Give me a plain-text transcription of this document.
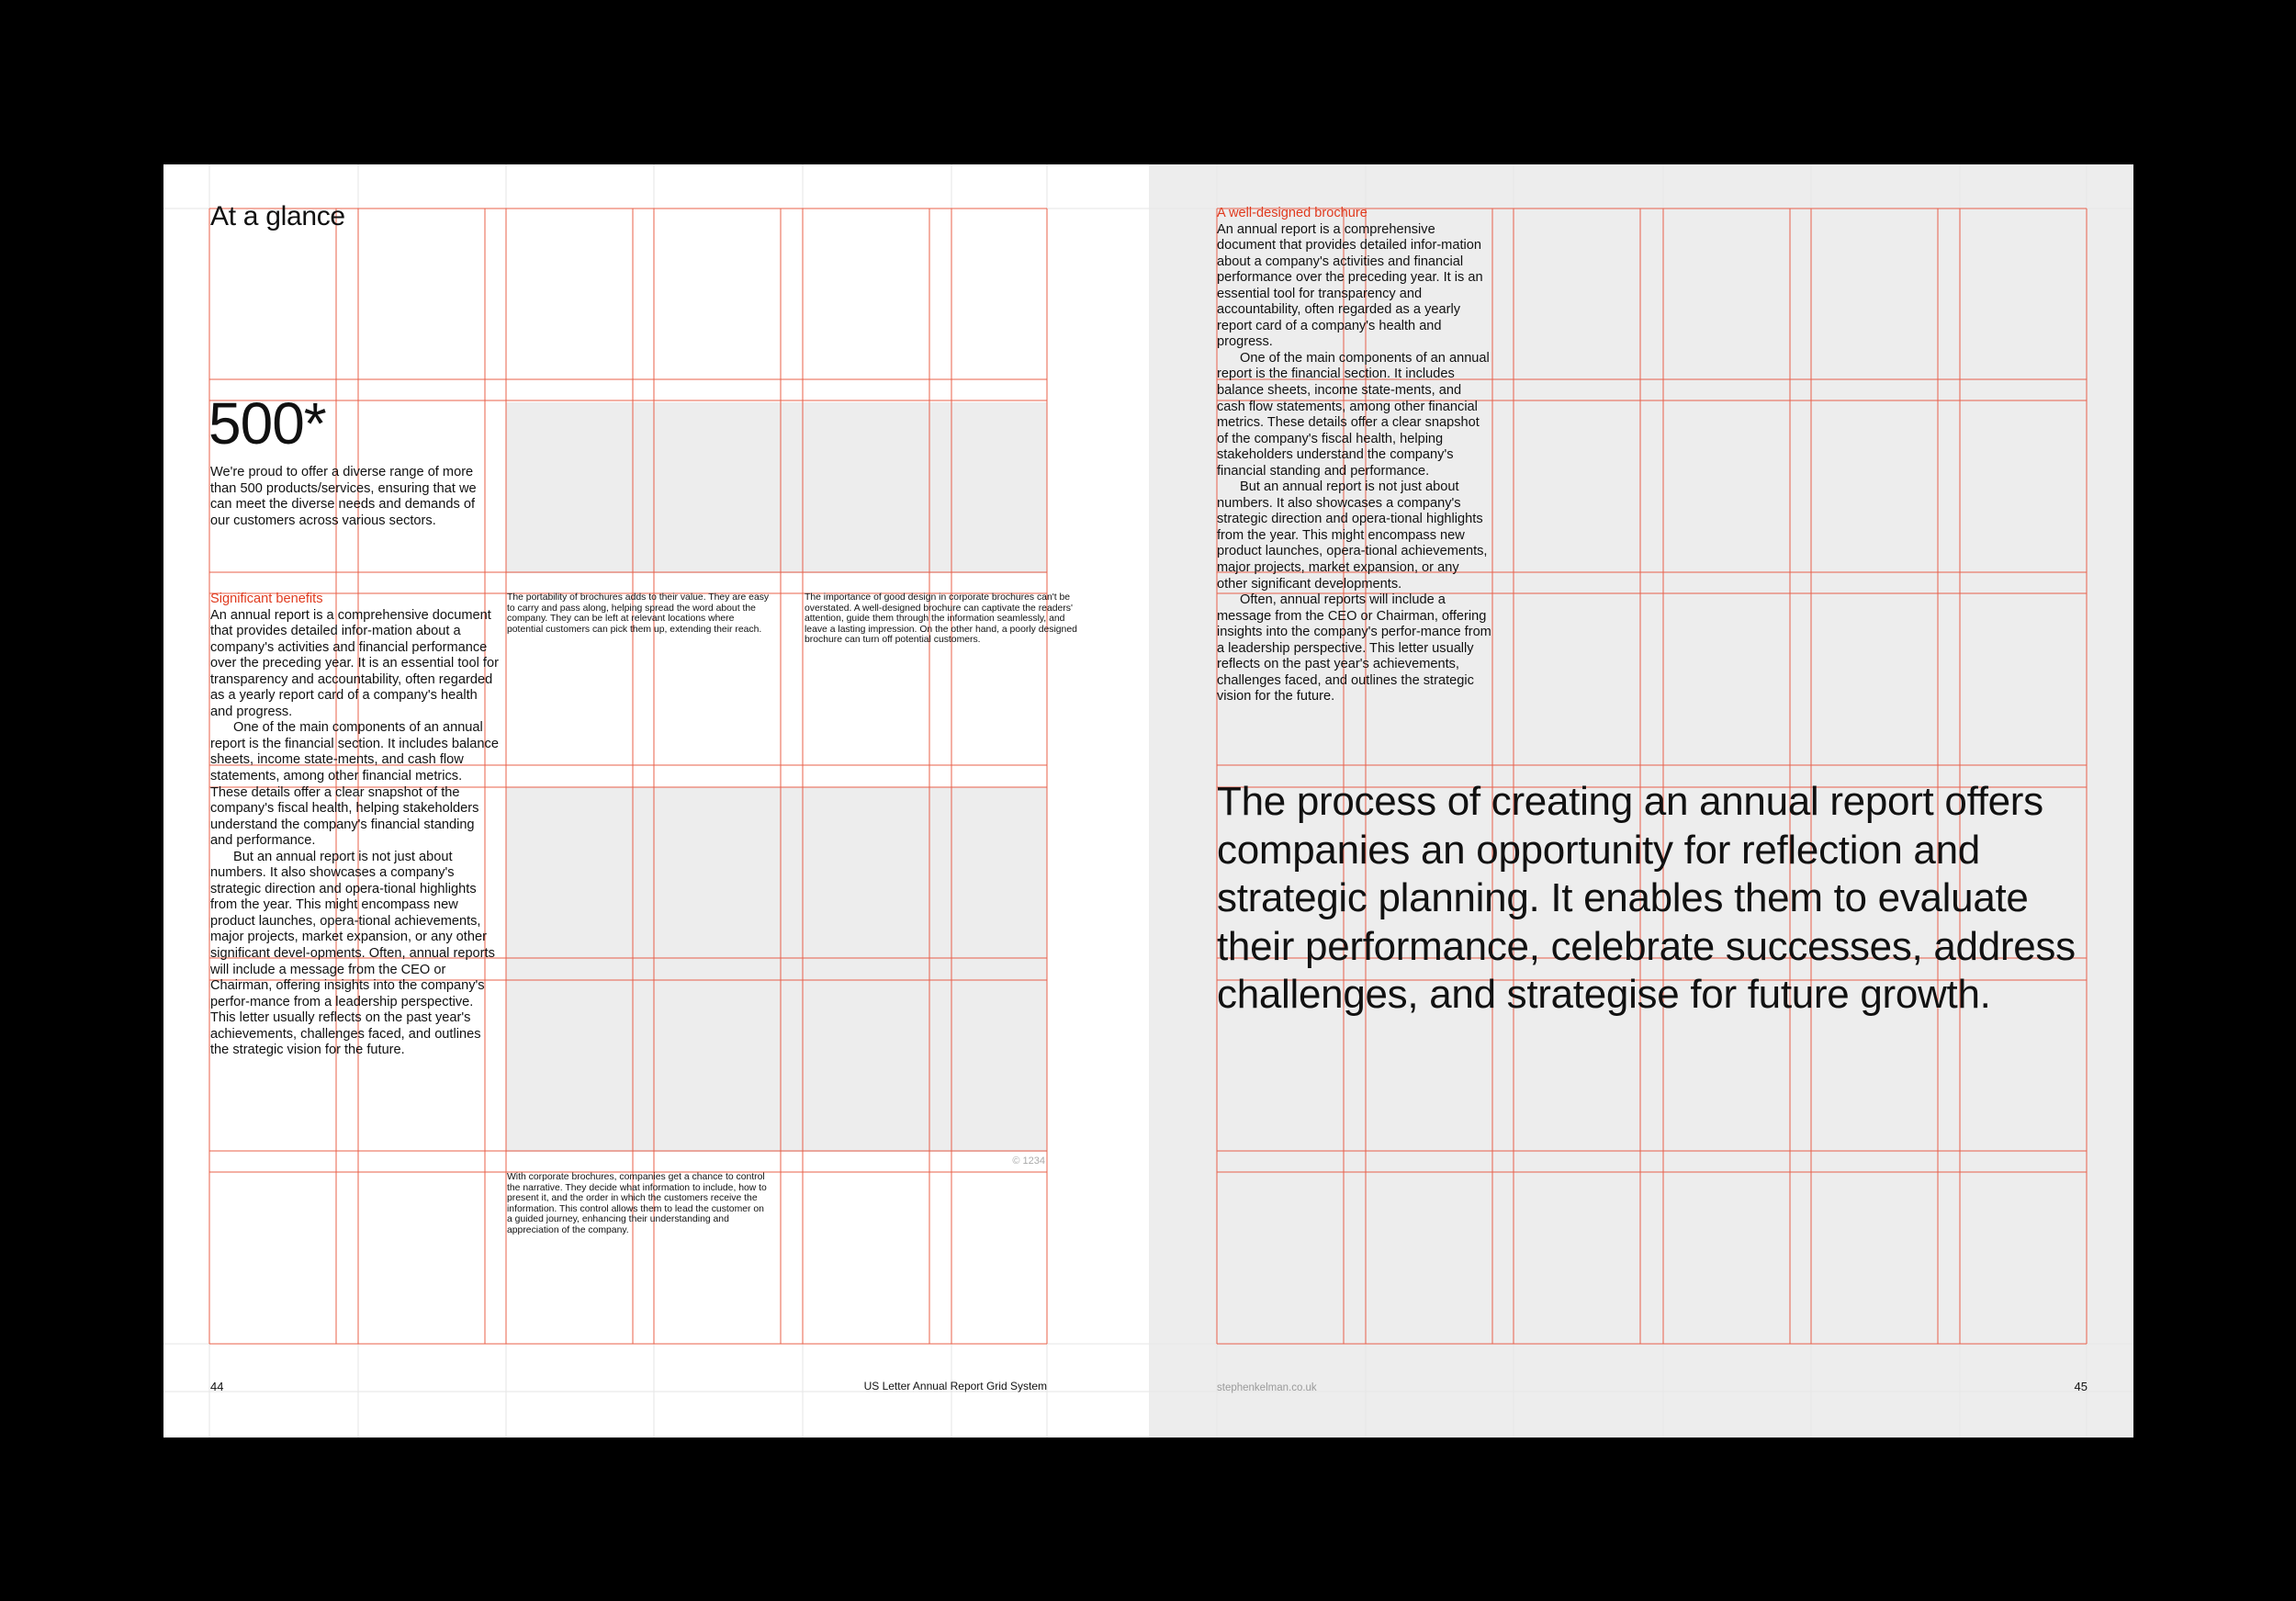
At a glance
500*
We're proud to offer a diverse range of more than 500 products/services, ensuring that we can meet the diverse needs and demands of our customers across various sectors.
Significant benefits

An annual report is a comprehensive document that provides detailed infor-mation about a company's activities and financial performance over the preceding year. It is an essential tool for transparency and accountability, often regarded as a yearly report card of a company's health and progress.

One of the main components of an annual report is the financial section. It includes balance sheets, income state-ments, and cash flow statements, among other financial metrics. These details offer a clear snapshot of the company's fiscal health, helping stakeholders understand the company's financial standing and performance.

But an annual report is not just about numbers. It also showcases a company's strategic direction and opera-tional highlights from the year. This might encompass new product launches, opera-tional achievements, major projects, market expansion, or any other significant devel-opments. Often, annual reports will include a message from the CEO or Chairman, offering insights into the company's perfor-mance from a leadership perspective. This letter usually reflects on the past year's achievements, challenges faced, and outlines the strategic vision for the future.

The portability of brochures adds to their value. They are easy to carry and pass along, helping spread the word about the company. They can be left at relevant locations where potential customers can pick them up, extending their reach.
The importance of good design in corporate brochures can't be overstated. A well-designed brochure can captivate the readers' attention, guide them through the information seamlessly, and leave a lasting impression. On the other hand, a poorly designed brochure can turn off potential customers.
With corporate brochures, companies get a chance to control the narrative. They decide what information to include, how to present it, and the order in which the customers receive the information. This control allows them to lead the customer on a guided journey, enhancing their understanding and appreciation of the company.
© 1234
44	US Letter Annual Report Grid System
A well-designed brochure

An annual report is a comprehensive document that provides detailed infor-mation about a company's activities and financial performance over the preceding year. It is an essential tool for transparency and accountability, often regarded as a yearly report card of a company's health and progress.

One of the main components of an annual report is the financial section. It includes balance sheets, income state-ments, and cash flow statements, among other financial metrics. These details offer a clear snapshot of the company's fiscal health, helping stakeholders understand the company's financial standing and performance.

But an annual report is not just about numbers. It also showcases a company's strategic direction and opera-tional highlights from the year. This might encompass new product launches, opera-tional achievements, major projects, market expansion, or any other significant developments.

Often, annual reports will include a message from the CEO or Chairman, offering insights into the company's perfor-mance from a leadership perspective. This letter usually reflects on the past year's achievements, challenges faced, and outlines the strategic vision for the future.

The process of creating an annual report offers companies an opportunity for reflection and strategic planning. It enables them to evaluate their performance, celebrate successes, address challenges, and strategise for future growth.
stephenkelman.co.uk	45
